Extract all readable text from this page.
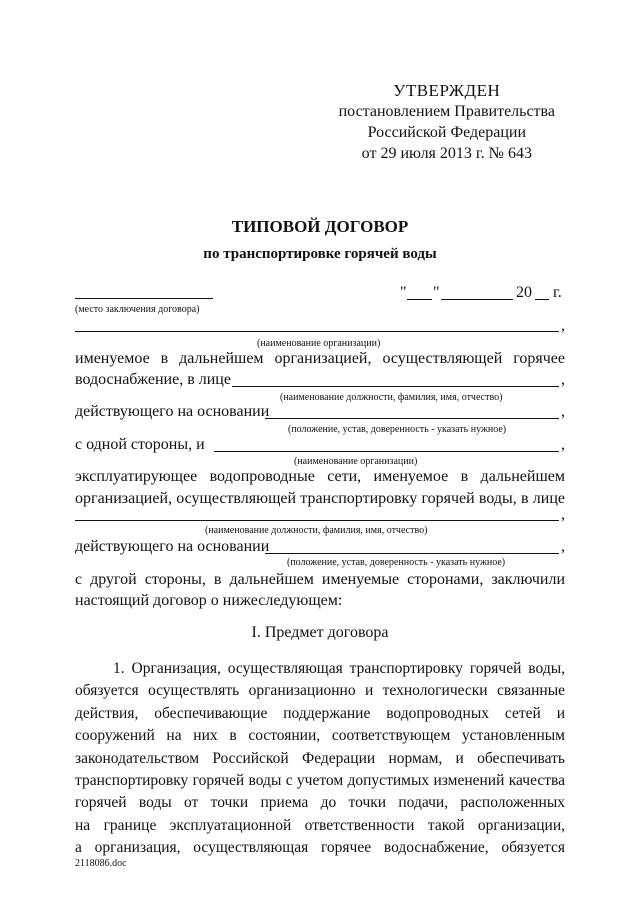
УТВЕРЖДЕН
постановлением Правительства
Российской Федерации
от 29 июля 2013 г. № 643
ТИПОВОЙ ДОГОВОР
по транспортировке горячей воды
(место заключения договора)
" "	20 г.
,
(наименование организации)
именуемое в дальнейшем организацией, осуществляющей горячее
водоснабжение, в лице	,
(наименование должности, фамилия, имя, отчество)
действующего на основании	,
(положение, устав, доверенность - указать нужное)
с одной стороны, и	,
(наименование организации)
эксплуатирующее водопроводные сети, именуемое в дальнейшем
организацией, осуществляющей транспортировку горячей воды, в лице
,
(наименование должности, фамилия, имя, отчество)
действующего на основании	,
(положение, устав, доверенность - указать нужное)
с другой стороны, в дальнейшем именуемые сторонами, заключили
настоящий договор о нижеследующем:
I. Предмет договора
1. Организация, осуществляющая транспортировку горячей воды,
обязуется осуществлять организационно и технологически связанные
действия, обеспечивающие поддержание водопроводных сетей и
сооружений на них в состоянии, соответствующем установленным
законодательством Российской Федерации нормам, и обеспечивать
транспортировку горячей воды с учетом допустимых изменений качества
горячей воды от точки приема до точки подачи, расположенных
на границе эксплуатационной ответственности такой организации,
а организация, осуществляющая горячее водоснабжение, обязуется
2118086.doc
